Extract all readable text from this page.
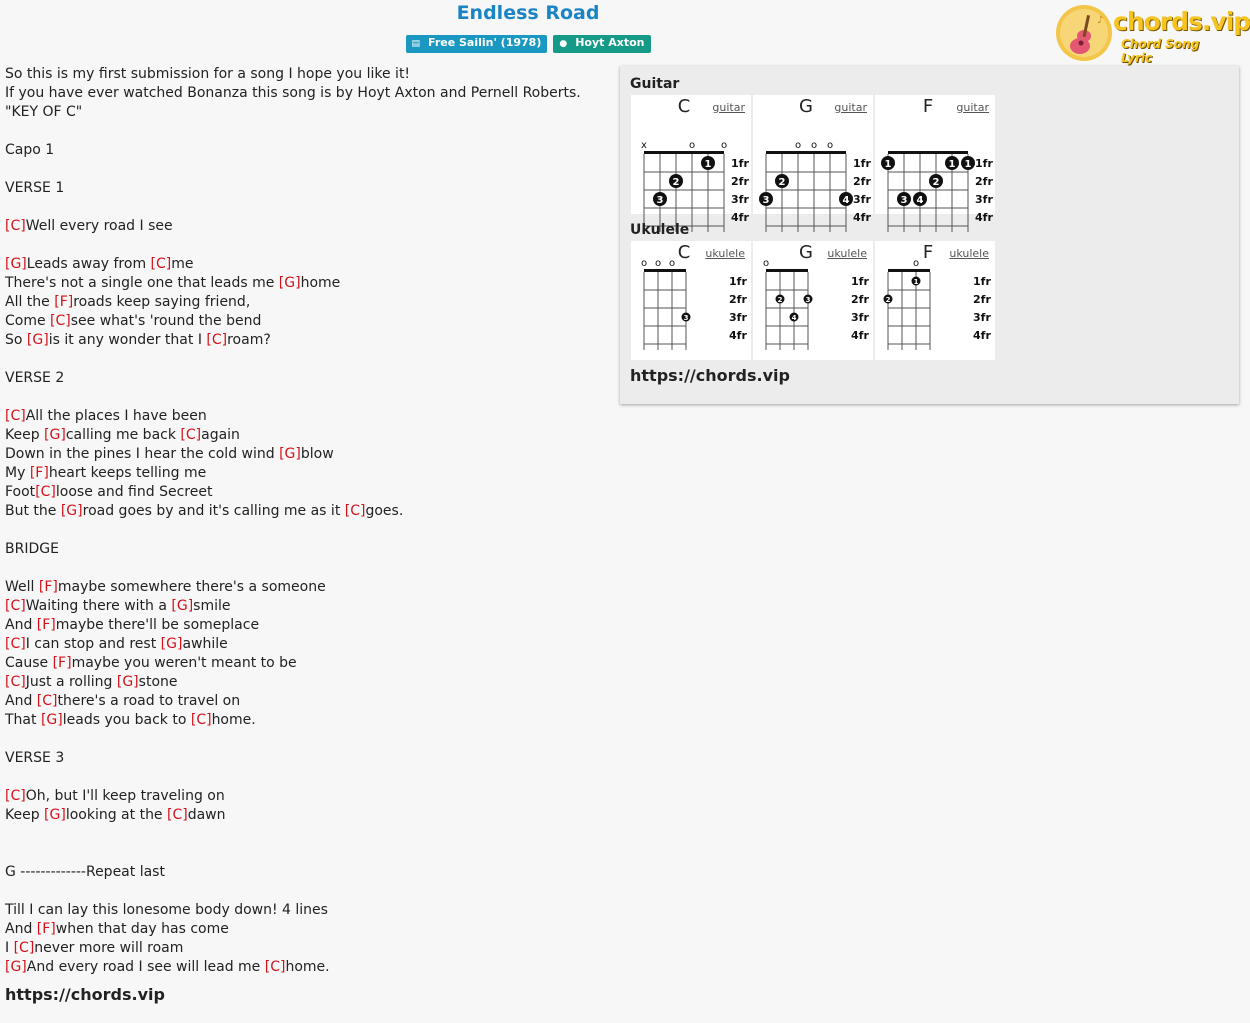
Endless Road
▤ Free Sailin' (1978) ● Hoyt Axton
♪ chords.vip
Chord Song Lyric
So this is my first submission for a song I hope you like it!
If you have ever watched Bonanza this song is by Hoyt Axton and Pernell Roberts. "KEY OF C"
Capo 1
VERSE 1
[C]Well every road I see
[G]Leads away from [C]me
There's not a single one that leads me [G]home
All the [F]roads keep saying friend,
Come [C]see what's 'round the bend
So [G]is it any wonder that I [C]roam?
VERSE 2
[C]All the places I have been
Keep [G]calling me back [C]again
Down in the pines I hear the cold wind [G]blow
My [F]heart keeps telling me
Foot[C]loose and find Secreet
But the [G]road goes by and it's calling me as it [C]goes.
BRIDGE
Well [F]maybe somewhere there's a someone
[C]Waiting there with a [G]smile
And [F]maybe there'll be someplace
[C]I can stop and rest [G]awhile
Cause [F]maybe you weren't meant to be
[C]Just a rolling [G]stone
And [C]there's a road to travel on
That [G]leads you back to [C]home.
VERSE 3
[C]Oh, but I'll keep traveling on
Keep [G]looking at the [C]dawn
G -------------Repeat last
Till I can lay this lonesome body down! 4 lines
And [F]when that day has come
I [C]never more will roam
[G]And every road I see will lead me [C]home.
https://chords.vip
Guitar
C	guitar
1fr
2fr
3fr
4fr
x	o	o
1
2
3
G	guitar
1fr
2fr
3fr
4fr
o o o
2
3	4
F	guitar
1fr
2fr
3fr
4fr
1	1 1
2
3 4
Ukulele
C	ukulele
1fr
2fr
3fr
4fr
o o o
3
G	ukulele
1fr
2fr
3fr
4fr
o
2	3
4
F	ukulele
1fr
2fr
3fr
4fr
o
2
1
https://chords.vip
